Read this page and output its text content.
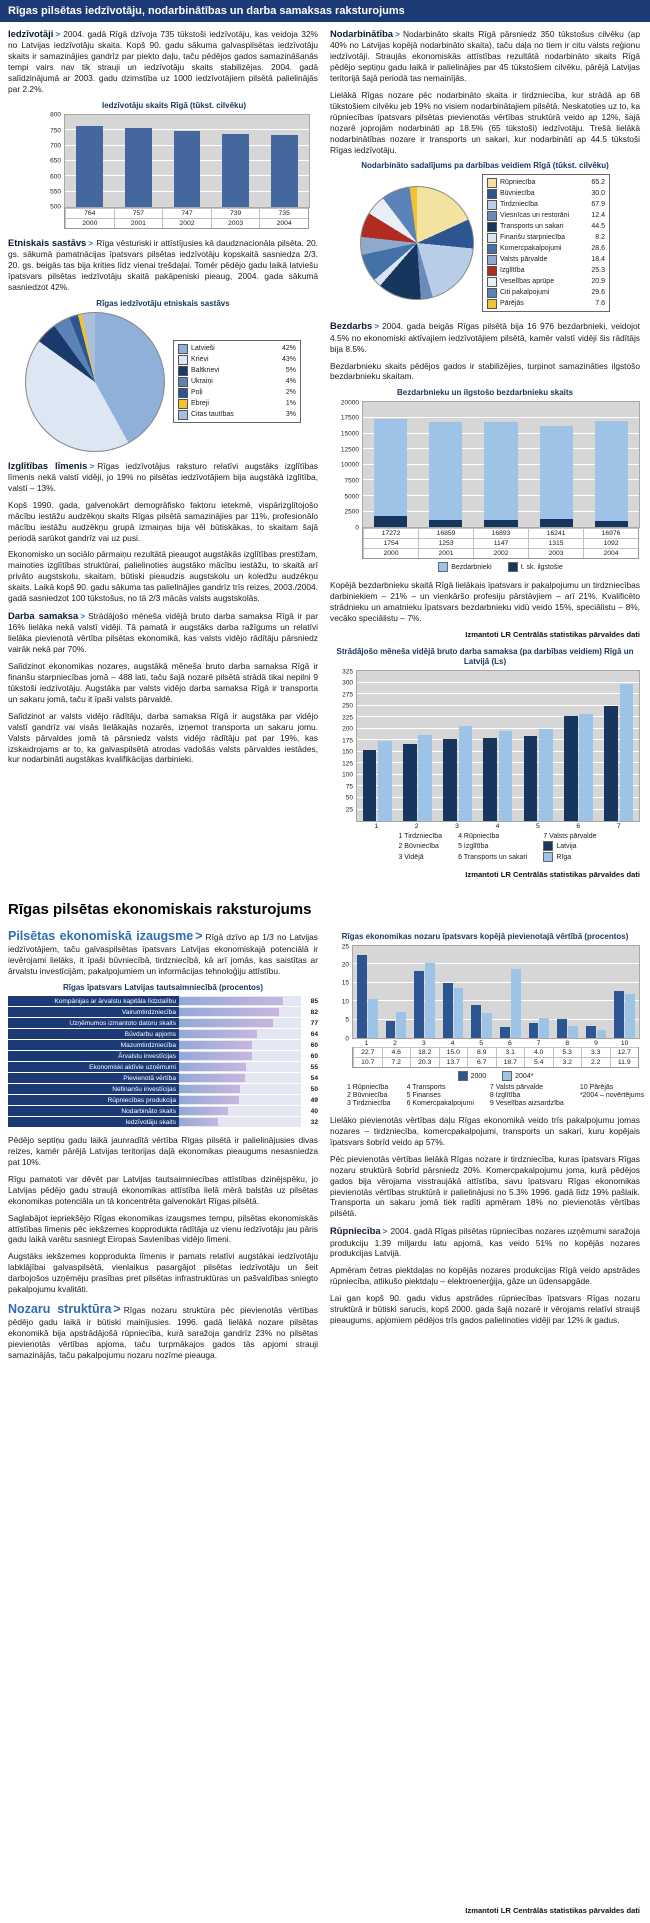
Rīgas pilsētas iedzīvotāju, nodarbinātības un darba samaksas raksturojums

Iedzīvotāji > 2004. gadā Rīgā dzīvoja 735 tūkstoši iedzīvotāju, kas veidoja 32% no Latvijas iedzīvotāju skaita. Kopš 90. gadu sākuma galvaspilsētas iedzīvotāju skaits ir samazinājies gandrīz par piekto daļu, taču pēdējos gados samazināšanās tempi vairs nav tik strauji un iedzīvotāju skaits stabilizējas. 2004. gadā salīdzinājumā ar 2003. gadu dzimstība uz 1000 iedzīvotājiem pilsētā palielinājās par 2.2%.

Iedzīvotāju skaits Rīgā (tūkst. cilvēku)
500
550
600
650
700
750
800
764	757	747	739	735
2000	2001	2002	2003	2004

Etniskais sastāvs > Rīga vēsturiski ir attīstījusies kā daudznacionāla pilsēta. 20. gs. sākumā pamatnācijas īpatsvars pilsētas iedzīvotāju kopskaitā sasniedza 2/3. 20. gs. beigās tas bija krities līdz vienai trešdaļai. Tomēr pēdējo gadu laikā latviešu īpatsvars pilsētas iedzīvotāju skaitā pakāpeniski pieaug, 2004. gada sākumā sasniedzot 42%.

Rīgas iedzīvotāju etniskais sastāvs
Latvieši	42%
Krievi	43%
Baltkrievi	5%
Ukraiņi	4%
Poļi	2%
Ebreji	1%
Citas tautības	3%

Izglītības līmenis > Rīgas iedzīvotājus raksturo relatīvi augstāks izglītības līmenis nekā valstī vidēji, jo 19% no pilsētas iedzīvotājiem bija augstākā izglītība, valstī – 13%.

Kopš 1990. gada, galvenokārt demogrāfisko faktoru ietekmē, vispārizglītojošo mācību iestāžu audzēkņu skaits Rīgas pilsētā samazinājies par 11%, profesionālo mācību iestāžu audzēkņu grupā izmaiņas bija vēl būtiskākas, to skaitam šajā periodā sarūkot gandrīz vai uz pusi.

Ekonomisko un sociālo pārmaiņu rezultātā pieaugot augstākās izglītības prestižam, mainoties izglītības struktūrai, palielinoties augstāko mācību iestāžu, to skaitā arī privāto augstskolu, skaitam, būtiski pieaudzis augstskolu un koledžu audzēkņu skaits. Laikā kopš 90. gadu sākuma tas palielinājies gandrīz trīs reizes, 2003./2004. gadā sasniedzot 100 tūkstošus, no tā 2/3 mācās valsts augstskolās.

Darba samaksa > Strādājošo mēneša vidējā bruto darba samaksa Rīgā ir par 16% lielāka nekā valstī vidēji. Tā pamatā ir augstāks darba ražīgums un relatīvi lielāka pievienotā vērtība pilsētas ekonomikā, kas valsts vidējo rādītāju pārsniedz vairāk nekā par 70%.

Salīdzinot ekonomikas nozares, augstākā mēneša bruto darba samaksa Rīgā ir finanšu starpniecības jomā – 488 lati, taču šajā nozarē pilsētā strādā tikai nepilni 9 tūkstoši iedzīvotāju. Augstāka par valsts vidējo darba samaksa Rīgā ir transporta un sakaru jomā, taču it īpaši valsts pārvaldē.

Salīdzinot ar valsts vidējo rādītāju, darba samaksa Rīgā ir augstāka par vidējo valstī gandrīz vai visās lielākajās nozarēs, izņemot transporta un sakaru jomu. Valsts pārvaldes jomā tā pārsniedz valsts vidējo rādītāju pat par 19%, kas izskaidrojams ar to, ka galvaspilsētā atrodas vadošās valsts pārvaldes iestādes, kur nodarbināti augstākas kvalifikācijas darbinieki.

Nodarbinātība > Nodarbināto skaits Rīgā pārsniedz 350 tūkstošus cilvēku (ap 40% no Latvijas kopējā nodarbināto skaita), taču daļa no tiem ir citu valsts reģionu iedzīvotāji. Straujās ekonomiskās attīstības rezultātā nodarbināto skaits Rīgā pēdējo septiņu gadu laikā ir palielinājies par 45 tūkstošiem cilvēku, pārējā Latvijas teritorijā šajā periodā tas nemainījās.

Lielākā Rīgas nozare pēc nodarbināto skaita ir tirdzniecība, kur strādā ap 68 tūkstošiem cilvēku jeb 19% no visiem nodarbinātajiem pilsētā. Neskatoties uz to, ka rūpniecības īpatsvars pilsētas pievienotās vērtības struktūrā veido ap 12%, šajā nozarē joprojām nodarbināti ap 18.5% (65 tūkstoši) iedzīvotāju. Trešā lielākā nodarbinātības nozare ir transports un sakari, kur nodarbināti ap 44.5 tūkstoši Rīgas iedzīvotāju.

Nodarbināto sadalījums pa darbības veidiem Rīgā (tūkst. cilvēku)
Rūpniecība	65.2
Būvniecība	30.0
Tirdzniecība	67.9
Viesnīcas un restorāni	12.4
Transports un sakari	44.5
Finanšu starpniecība	8.2
Komercpakalpojumi	28.6
Valsts pārvalde	18.4
Izglītība	25.3
Veselības aprūpe	20.9
Citi pakalpojumi	29.6
Pārējās	7.6

Bezdarbs > 2004. gada beigās Rīgas pilsētā bija 16 976 bezdarbnieki, veidojot 4.5% no ekonomiski aktīvajiem iedzīvotājiem pilsētā, kamēr valstī vidēji šis rādītājs bija 8.5%.

Bezdarbnieku skaits pēdējos gados ir stabilizējies, turpinot samazināties ilgstošo bezdarbnieku skaitam.

Bezdarbnieku un ilgstošo bezdarbnieku skaits
0
2500
5000
7500
10000
12500
15000
17500
20000
17272	16859	16893	16241	16976
1754	1253	1147	1315	1092
2000	2001	2002	2003	2004
Bezdarbnieki	t. sk. ilgstošie

Kopējā bezdarbnieku skaitā Rīgā lielākais īpatsvars ir pakalpojumu un tirdzniecības darbiniekiem – 21% – un vienkāršo profesiju pārstāvjiem – arī 21%. Kvalificēto strādnieku un amatnieku īpatsvars bezdarbnieku vidū veido 15%, speciālistu – 8%, vecāko speciālistu – 7%.

Izmantoti LR Centrālās statistikas pārvaldes dati
Strādājošo mēneša vidējā bruto darba samaksa (pa darbības veidiem) Rīgā un Latvijā (Ls)
25
50
75
100
125
150
175
200
225
250
275
300
325
1	2	3	4	5	6	7
1 Tirdzniecība
2 Būvniecība
3 Vidējā
4 Rūpniecība
5 Izglītība
6 Transports un sakari
7 Valsts pārvalde
Latvija
Rīga
Izmantoti LR Centrālās statistikas pārvaldes dati
Rīgas pilsētas ekonomiskais raksturojums

Pilsētas ekonomiskā izaugsme > Rīgā dzīvo ap 1/3 no Latvijas iedzīvotājiem, taču galvaspilsētas īpatsvars Latvijas ekonomiskajā potenciālā ir ievērojami lielāks, it īpaši būvniecībā, tirdzniecībā, kā arī jomās, kas saistītas ar ārvalstu investīcijām, pakalpojumiem un informācijas tehnoloģiju attīstību.

Rīgas īpatsvars Latvijas tautsaimniecībā (procentos)
Kompānijas ar ārvalstu kapitāla līdzdalību	85
Vairumtirdzniecība	82
Uzņēmumos izmantoto datoru skaits	77
Būvdarbu apjoms	64
Mazumtirdzniecība	60
Ārvalstu investīcijas	60
Ekonomiski aktīvie uzņēmumi	55
Pievienotā vērtība	54
Nefinanšu investīcijas	50
Rūpniecības produkcija	49
Nodarbināto skaits	40
Iedzīvotāju skaits	32

Pēdējo septiņu gadu laikā jaunradītā vērtība Rīgas pilsētā ir palielinājusies divas reizes, kamēr pārējā Latvijas teritorijas daļā ekonomikas pieaugums nesasniedza pat 10%.

Rīgu pamatoti var dēvēt par Latvijas tautsaimniecības attīstības dzinējspēku, jo Latvijas pēdējo gadu straujā ekonomikas attīstība lielā mērā balstās uz pilsētas ekonomikas potenciāla un tā koncentrēta galvenokārt Rīgas pilsētā.

Saglabājot iepriekšējo Rīgas ekonomikas izaugsmes tempu, pilsētas ekonomiskās attīstības līmenis pēc iekšzemes kopprodukta rādītāja uz vienu iedzīvotāju jau pāris gadu laikā varētu sasniegt Eiropas Savienības vidējo līmeni.

Augstāks iekšzemes kopprodukta līmenis ir pamats relatīvi augstākai iedzīvotāju labklājībai galvaspilsētā, vienlaikus pasargājot pilsētas iedzīvotāju un šeit darbojošos uzņēmēju prasības pret pilsētas infrastruktūras un pašvaldības sniegto pakalpojumu kvalitāti.

Nozaru struktūra > Rīgas nozaru struktūra pēc pievienotās vērtības pēdējo gadu laikā ir būtiski mainījusies. 1996. gadā lielākā nozare pilsētas ekonomikā bija apstrādājošā rūpniecība, kurā saražoja gandrīz 23% no pilsētas pievienotās vērtības apjoma, taču turpmākajos gados tās apjomi strauji samazinājās, taču pakalpojumu nozaru nozīme pieauga.

Rīgas ekonomikas nozaru īpatsvars kopējā pievienotajā vērtībā (procentos)
0
5
10
15
20
25
1	2	3	4	5	6	7	8	9	10
22.7	4.6	18.2	15.0	8.9	3.1	4.0	5.3	3.3	12.7
10.7	7.2	20.3	13.7	6.7	18.7	5.4	3.2	2.2	11.9
2000	2004*
1 Rūpniecība
2 Būvniecība
3 Tirdzniecība
4 Transports
5 Finanses
6 Komercpakalpojumi
7 Valsts pārvalde
8 Izglītība
9 Veselības aizsardzība
10 Pārējās
*2004 – novērtējums

Lielāko pievienotās vērtības daļu Rīgas ekonomikā veido trīs pakalpojumu jomas nozares – tirdzniecība, komercpakalpojumi, transports un sakari, kuru kopējais īpatsvars šobrīd veido ap 57%.

Pēc pievienotās vērtības lielākā Rīgas nozare ir tirdzniecība, kuras īpatsvars Rīgas nozaru struktūrā šobrīd pārsniedz 20%. Komercpakalpojumu joma, kurā pēdējos gados bija vērojama visstraujākā attīstība, savu īpatsvaru Rīgas ekonomikas pievienotās vērtības struktūrā ir palielinājusi no 5.3% 1996. gadā līdz 19% pašlaik. Transporta un sakaru jomā tiek radīti apmēram 18% no pievienotās vērtības pilsētā.

Rūpniecība > 2004. gadā Rīgas pilsētas rūpniecības nozares uzņēmumi saražoja produkciju 1.39 miljardu latu apjomā, kas veido 51% no kopējās nozares produkcijas Latvijā.

Apmēram četras piektdaļas no kopējās nozares produkcijas Rīgā veido apstrādes rūpniecība, atlikušo piektdaļu – elektroenerģija, gāze un ūdensapgāde.

Lai gan kopš 90. gadu vidus apstrādes rūpniecības īpatsvars Rīgas nozaru struktūrā ir būtiski sarucis, kopš 2000. gada šajā nozarē ir vērojams relatīvi straujš pieaugums, apjomiem pēdējos trīs gados palielinoties vidēji par 12% ik gadus.

Izmantoti LR Centrālās statistikas pārvaldes dati
